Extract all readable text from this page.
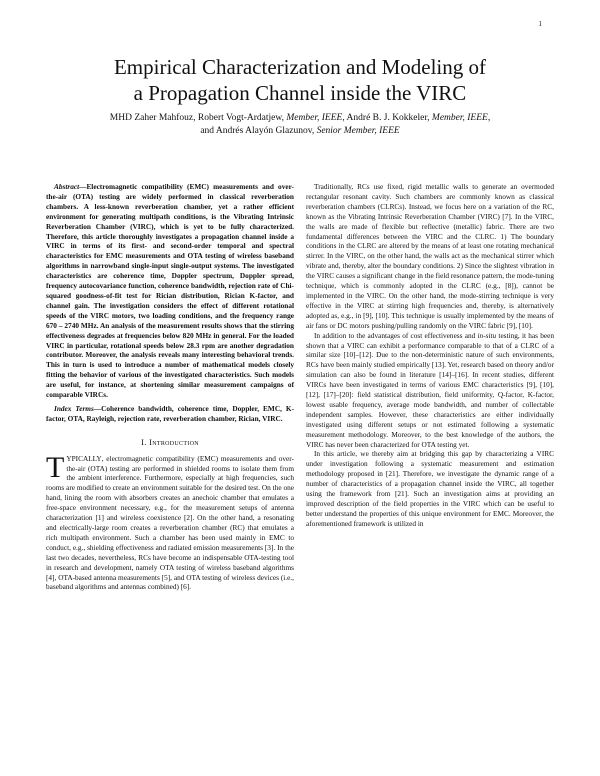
1
Empirical Characterization and Modeling of
a Propagation Channel inside the VIRC
MHD Zaher Mahfouz, Robert Vogt-Ardatjew, Member, IEEE, André B. J. Kokkeler, Member, IEEE,
and Andrés Alayón Glazunov, Senior Member, IEEE

Abstract—Electromagnetic compatibility (EMC) measurements and over-the-air (OTA) testing are widely performed in classical reverberation chambers. A less-known reverberation chamber, yet a rather efficient environment for generating multipath conditions, is the Vibrating Intrinsic Reverberation Chamber (VIRC), which is yet to be fully characterized. Therefore, this article thoroughly investigates a propagation channel inside a VIRC in terms of its first- and second-order temporal and spectral characteristics for EMC measurements and OTA testing of wireless baseband algorithms in narrowband single-input single-output systems. The investigated characteristics are coherence time, Doppler spectrum, Doppler spread, frequency autocovariance function, coherence bandwidth, rejection rate of Chi-squared goodness-of-fit test for Rician distribution, Rician K-factor, and channel gain. The investigation considers the effect of different rotational speeds of the VIRC motors, two loading conditions, and the frequency range 670 – 2740 MHz. An analysis of the measurement results shows that the stirring effectiveness degrades at frequencies below 820 MHz in general. For the loaded VIRC in particular, rotational speeds below 28.3 rpm are another degradation contributor. Moreover, the analysis reveals many interesting behavioral trends. This in turn is used to introduce a number of mathematical models closely fitting the behavior of various of the investigated characteristics. Such models are useful, for instance, at shortening similar measurement campaigns of comparable VIRCs.

Index Terms—Coherence bandwidth, coherence time, Doppler, EMC, K-factor, OTA, Rayleigh, rejection rate, reverberation chamber, Rician, VIRC.

I. Introduction

TYPICALLY, electromagnetic compatibility (EMC) measurements and over-the-air (OTA) testing are performed in shielded rooms to isolate them from the ambient interference. Furthermore, especially at high frequencies, such rooms are modified to create an environment suitable for the desired test. On the one hand, lining the room with absorbers creates an anechoic chamber that emulates a free-space environment necessary, e.g., for the measurement setups of antenna characterization [1] and wireless coexistence [2]. On the other hand, a resonating and electrically-large room creates a reverberation chamber (RC) that emulates a rich multipath environment. Such a chamber has been used mainly in EMC to conduct, e.g., shielding effectiveness and radiated emission measurements [3]. In the last two decades, nevertheless, RCs have become an indispensable OTA-testing tool in research and development, namely OTA testing of wireless baseband algorithms [4], OTA-based antenna measurements [5], and OTA testing of wireless devices (i.e., baseband algorithms and antennas combined) [6].

Traditionally, RCs use fixed, rigid metallic walls to generate an overmoded rectangular resonant cavity. Such chambers are commonly known as classical reverberation chambers (CLRCs). Instead, we focus here on a variation of the RC, known as the Vibrating Intrinsic Reverberation Chamber (VIRC) [7]. In the VIRC, the walls are made of flexible but reflective (metallic) fabric. There are two fundamental differences between the VIRC and the CLRC. 1) The boundary conditions in the CLRC are altered by the means of at least one rotating mechanical stirrer. In the VIRC, on the other hand, the walls act as the mechanical stirrer which vibrate and, thereby, alter the boundary conditions. 2) Since the slightest vibration in the VIRC causes a significant change in the field resonance pattern, the mode-tuning technique, which is commonly adopted in the CLRC (e.g., [8]), cannot be implemented in the VIRC. On the other hand, the mode-stirring technique is very effective in the VIRC at stirring high frequencies and, thereby, is alternatively adopted as, e.g., in [9], [10]. This technique is usually implemented by the means of air fans or DC motors pushing/pulling randomly on the VIRC fabric [9], [10].

In addition to the advantages of cost effectiveness and in-situ testing, it has been shown that a VIRC can exhibit a performance comparable to that of a CLRC of a similar size [10]–[12]. Due to the non-deterministic nature of such environments, RCs have been mainly studied empirically [13]. Yet, research based on theory and/or simulation can also be found in literature [14]–[16]. In recent studies, different VIRCs have been investigated in terms of various EMC characteristics [9], [10], [12], [17]–[20]: field statistical distribution, field uniformity, Q-factor, K-factor, lowest usable frequency, average mode bandwidth, and number of collectable independent samples. However, these characteristics are either individually investigated using different setups or not estimated following a systematic measurement methodology. Moreover, to the best knowledge of the authors, the VIRC has never been characterized for OTA testing yet.

In this article, we thereby aim at bridging this gap by characterizing a VIRC under investigation following a systematic measurement and estimation methodology proposed in [21]. Therefore, we investigate the dynamic range of a number of characteristics of a propagation channel inside the VIRC, all together using the framework from [21]. Such an investigation aims at providing an improved description of the field properties in the VIRC which can be useful to better understand the properties of this unique environment for EMC. Moreover, the aforementioned framework is utilized in
